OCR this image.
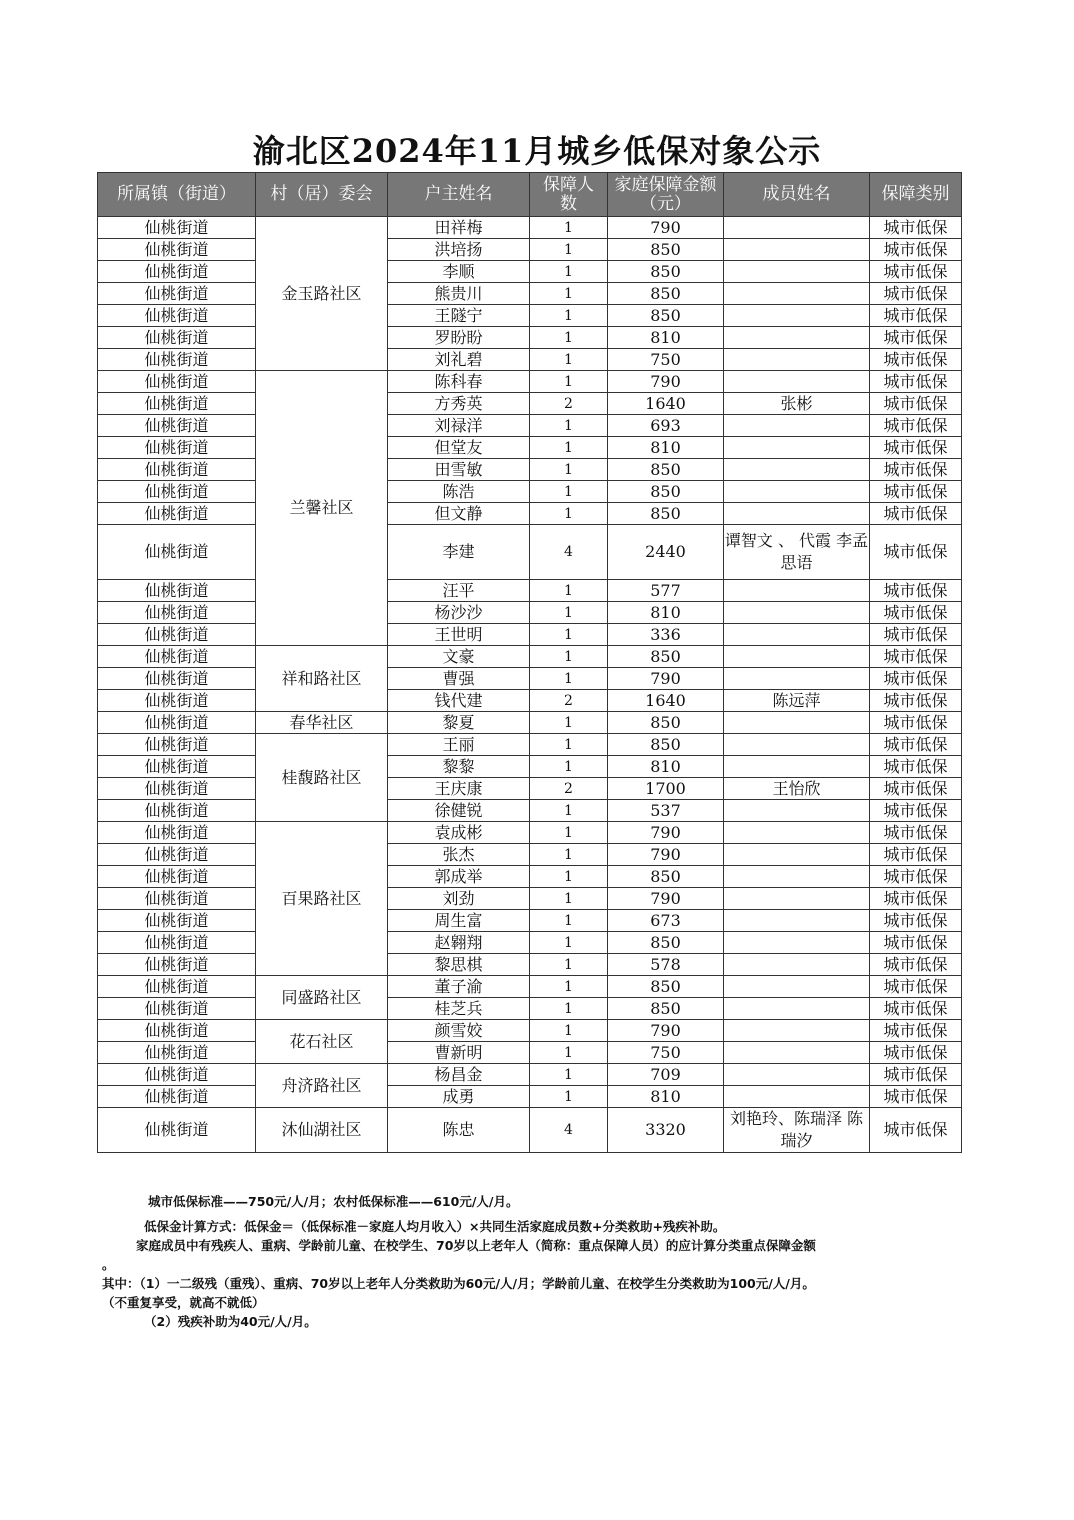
渝北区2024年11月城乡低保对象公示
所属镇（街道）	村（居）委会	户主姓名	保障人数	家庭保障金额（元）	成员姓名	保障类别
仙桃街道	金玉路社区	田祥梅	1	790		城市低保
仙桃街道		洪培扬	1	850		城市低保
仙桃街道		李顺	1	850		城市低保
仙桃街道		熊贵川	1	850		城市低保
仙桃街道		王隧宁	1	850		城市低保
仙桃街道		罗盼盼	1	810		城市低保
仙桃街道		刘礼碧	1	750		城市低保
仙桃街道	兰馨社区	陈科春	1	790		城市低保
仙桃街道		方秀英	2	1640	张彬	城市低保
仙桃街道		刘禄洋	1	693		城市低保
仙桃街道		但堂友	1	810		城市低保
仙桃街道		田雪敏	1	850		城市低保
仙桃街道		陈浩	1	850		城市低保
仙桃街道		但文静	1	850		城市低保
仙桃街道		李建	4	2440	谭智文 、 代霞 李孟思语	城市低保
仙桃街道		汪平	1	577		城市低保
仙桃街道		杨沙沙	1	810		城市低保
仙桃街道		王世明	1	336		城市低保
仙桃街道	祥和路社区	文豪	1	850		城市低保
仙桃街道		曹强	1	790		城市低保
仙桃街道		钱代建	2	1640	陈远萍	城市低保
仙桃街道	春华社区	黎夏	1	850		城市低保
仙桃街道	桂馥路社区	王丽	1	850		城市低保
仙桃街道		黎黎	1	810		城市低保
仙桃街道		王庆康	2	1700	王怡欣	城市低保
仙桃街道		徐健锐	1	537		城市低保
仙桃街道	百果路社区	袁成彬	1	790		城市低保
仙桃街道		张杰	1	790		城市低保
仙桃街道		郭成举	1	850		城市低保
仙桃街道		刘劲	1	790		城市低保
仙桃街道		周生富	1	673		城市低保
仙桃街道		赵翱翔	1	850		城市低保
仙桃街道		黎思棋	1	578		城市低保
仙桃街道	同盛路社区	董子渝	1	850		城市低保
仙桃街道		桂芝兵	1	850		城市低保
仙桃街道	花石社区	颜雪姣	1	790		城市低保
仙桃街道		曹新明	1	750		城市低保
仙桃街道	舟济路社区	杨昌金	1	709		城市低保
仙桃街道		成勇	1	810		城市低保
仙桃街道	沐仙湖社区	陈忠	4	3320	刘艳玲、陈瑞泽 陈瑞汐	城市低保
城市低保标准——750元/人/月；农村低保标准——610元/人/月。
低保金计算方式：低保金＝（低保标准－家庭人均月收入）×共同生活家庭成员数+分类救助+残疾补助。
家庭成员中有残疾人、重病、学龄前儿童、在校学生、70岁以上老年人（简称：重点保障人员）的应计算分类重点保障金额
。
其中：（1）一二级残（重残）、重病、70岁以上老年人分类救助为60元/人/月；学龄前儿童、在校学生分类救助为100元/人/月。
（不重复享受，就高不就低）
（2）残疾补助为40元/人/月。
